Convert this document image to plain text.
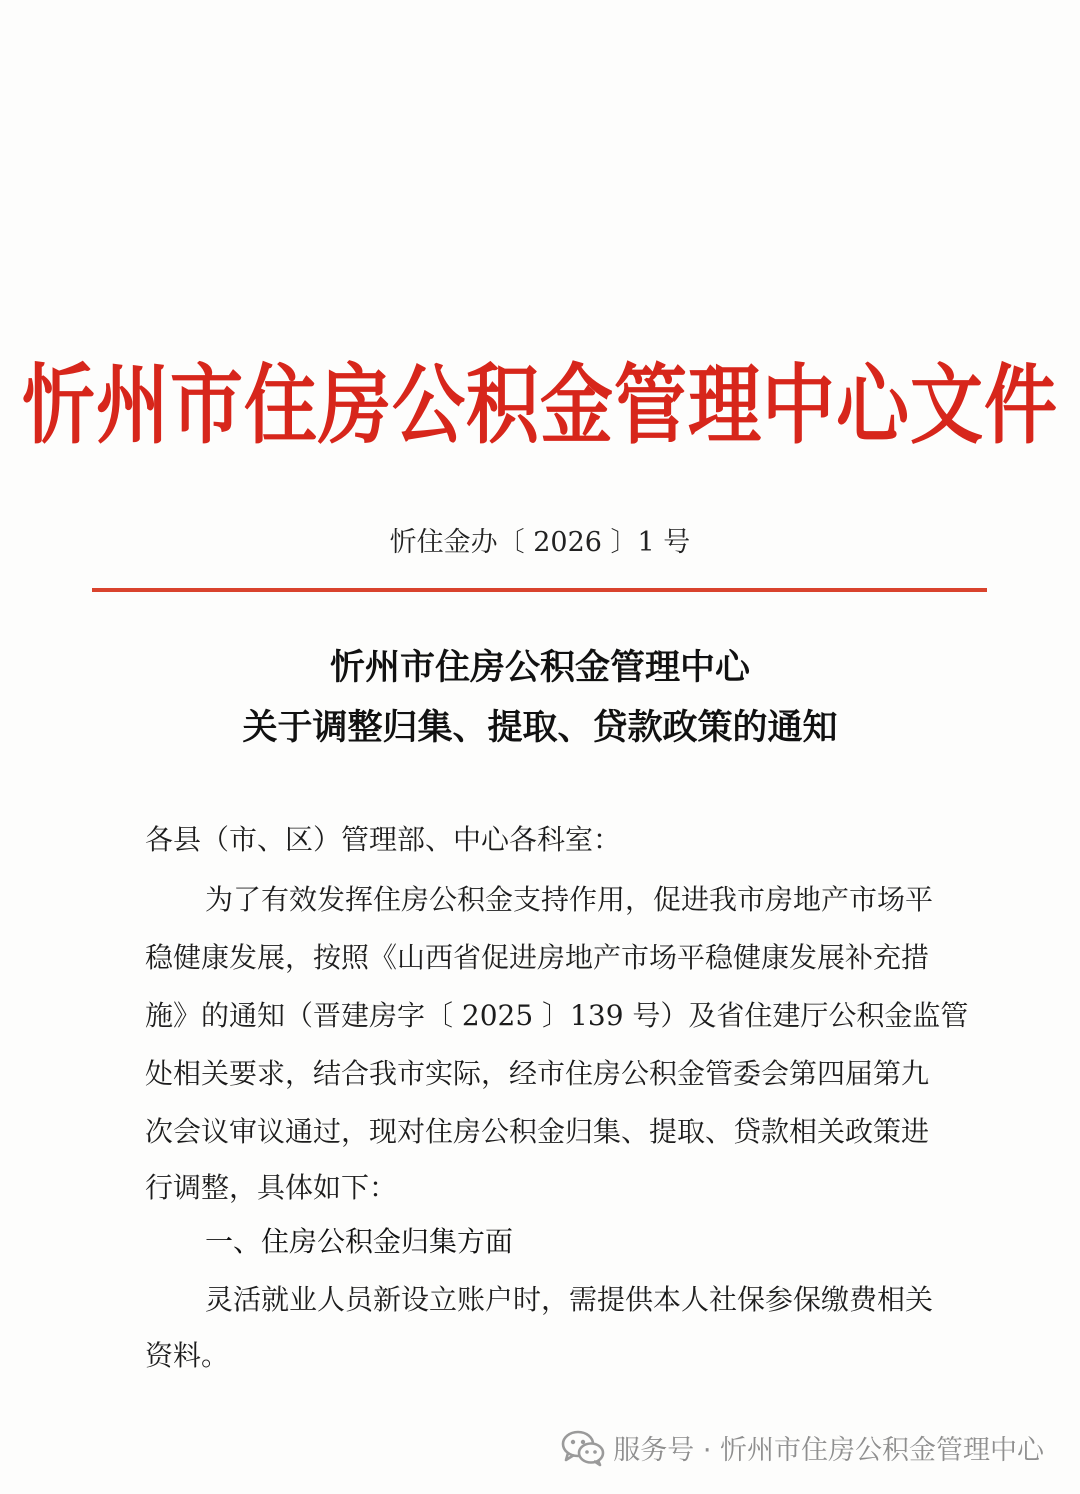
忻州市住房公积金管理中心文件
忻住金办〔 2026 〕1 号
忻州市住房公积金管理中心
关于调整归集、提取、贷款政策的通知
各县（市、区）管理部、中心各科室：
为了有效发挥住房公积金支持作用，促进我市房地产市场平
稳健康发展，按照《山西省促进房地产市场平稳健康发展补充措
施》的通知（晋建房字〔 2025 〕139 号）及省住建厅公积金监管
处相关要求，结合我市实际，经市住房公积金管委会第四届第九
次会议审议通过，现对住房公积金归集、提取、贷款相关政策进
行调整，具体如下：
一、住房公积金归集方面
灵活就业人员新设立账户时，需提供本人社保参保缴费相关
资料。
服务号 · 忻州市住房公积金管理中心
